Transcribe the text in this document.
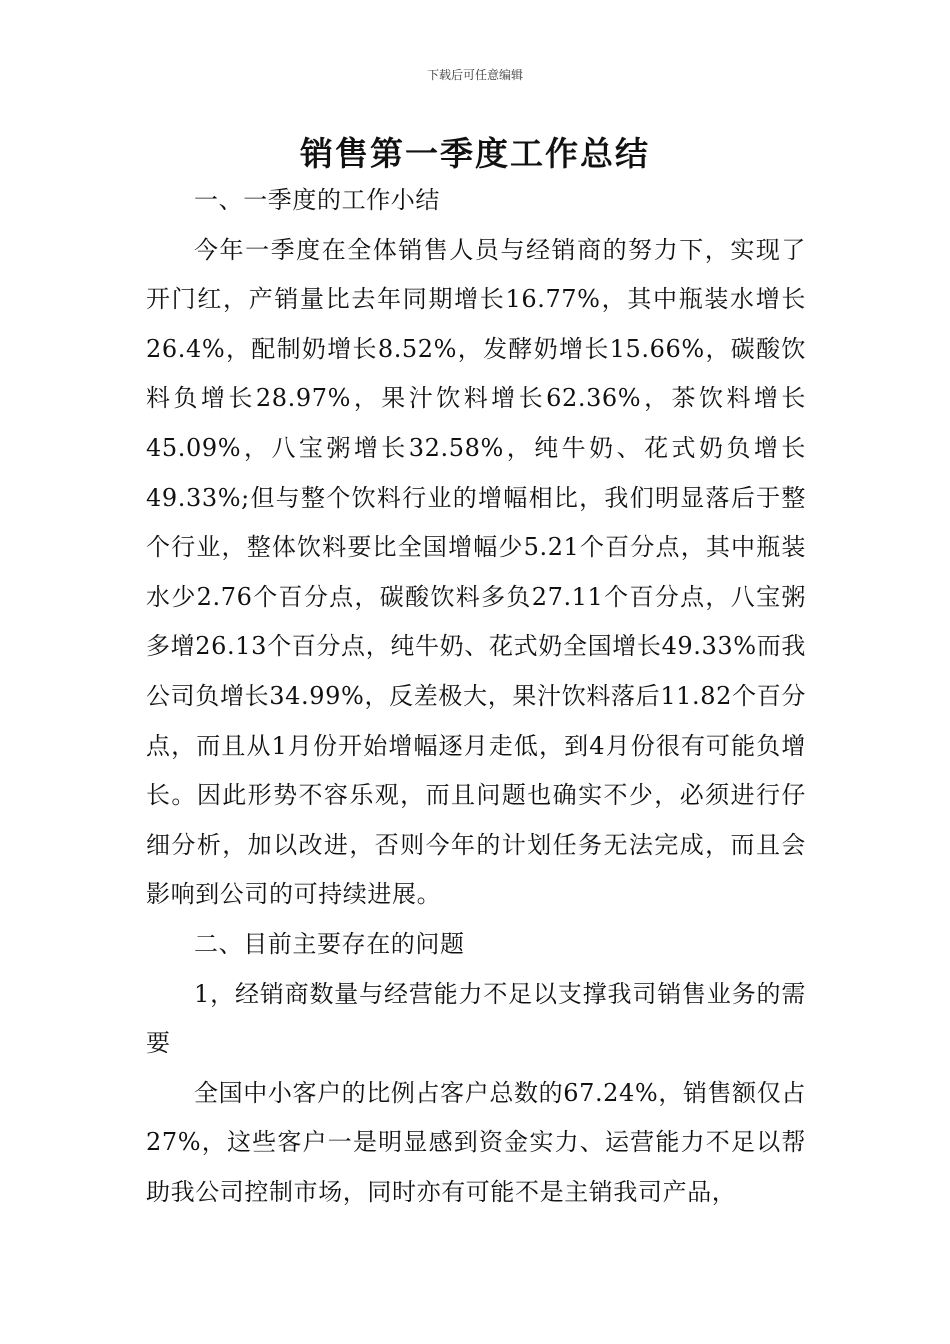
下载后可任意编辑
销售第一季度工作总结

一、一季度的工作小结

今年一季度在全体销售人员与经销商的努力下，实现了开门红，产销量比去年同期增长16.77%，其中瓶装水增长26.4%，配制奶增长8.52%，发酵奶增长15.66%，碳酸饮料负增长28.97%，果汁饮料增长62.36%，茶饮料增长45.09%，八宝粥增长32.58%，纯牛奶、花式奶负增长49.33%;但与整个饮料行业的增幅相比，我们明显落后于整个行业，整体饮料要比全国增幅少5.21个百分点，其中瓶装水少2.76个百分点，碳酸饮料多负27.11个百分点，八宝粥多增26.13个百分点，纯牛奶、花式奶全国增长49.33%而我公司负增长34.99%，反差极大，果汁饮料落后11.82个百分点，而且从1月份开始增幅逐月走低，到4月份很有可能负增长。因此形势不容乐观，而且问题也确实不少，必须进行仔细分析，加以改进，否则今年的计划任务无法完成，而且会影响到公司的可持续进展。

二、目前主要存在的问题

1，经销商数量与经营能力不足以支撑我司销售业务的需要

全国中小客户的比例占客户总数的67.24%，销售额仅占27%，这些客户一是明显感到资金实力、运营能力不足以帮助我公司控制市场，同时亦有可能不是主销我司产品，
